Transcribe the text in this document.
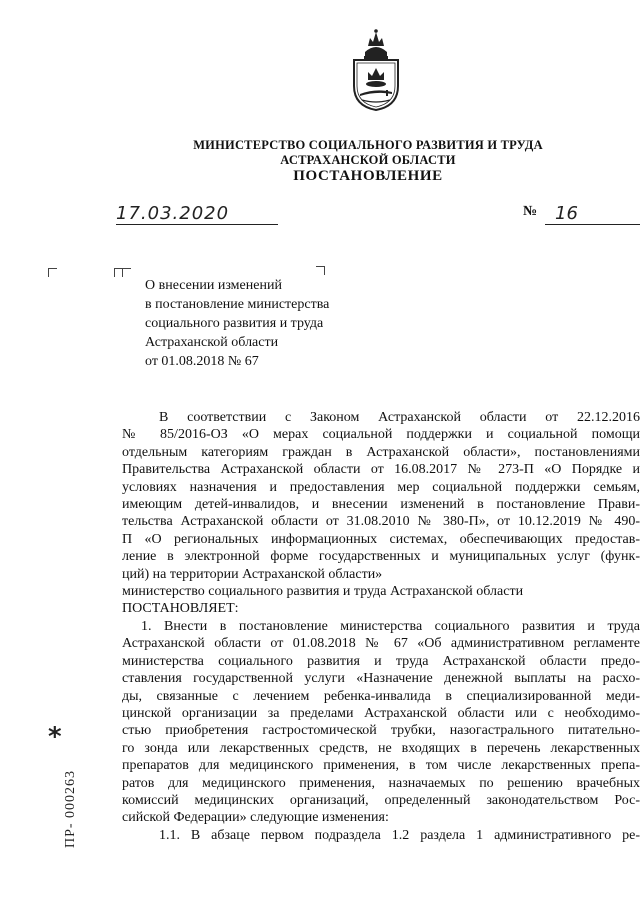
МИНИСТЕРСТВО СОЦИАЛЬНОГО РАЗВИТИЯ И ТРУДА
АСТРАХАНСКОЙ ОБЛАСТИ
ПОСТАНОВЛЕНИЕ
17.03.2020	№ 16
О внесении изменений
в постановление министерства
социального развития и труда
Астраханской области
от 01.08.2018 № 67
В соответствии с Законом Астраханской области от 22.12.2016
№ 85/2016-ОЗ «О мерах социальной поддержки и социальной помощи
отдельным категориям граждан в Астраханской области», постановлениями
Правительства Астраханской области от 16.08.2017 № 273-П «О Порядке и
условиях назначения и предоставления мер социальной поддержки семьям,
имеющим детей-инвалидов, и внесении изменений в постановление Прави-
тельства Астраханской области от 31.08.2010 № 380-П», от 10.12.2019 № 490-
П «О региональных информационных системах, обеспечивающих предостав-
ление в электронной форме государственных и муниципальных услуг (функ-
ций) на территории Астраханской области»
министерство социального развития и труда Астраханской области
ПОСТАНОВЛЯЕТ:
1. Внести в постановление министерства социального развития и труда
Астраханской области от 01.08.2018 № 67 «Об административном регламенте
министерства социального развития и труда Астраханской области предо-
ставления государственной услуги «Назначение денежной выплаты на расхо-
ды, связанные с лечением ребенка-инвалида в специализированной меди-
цинской организации за пределами Астраханской области или с необходимо-
стью приобретения гастростомической трубки, назогастрального питательно-
го зонда или лекарственных средств, не входящих в перечень лекарственных
препаратов для медицинского применения, в том числе лекарственных препа-
ратов для медицинского применения, назначаемых по решению врачебных
комиссий медицинских организаций, определенный законодательством Рос-
сийской Федерации» следующие изменения:
1.1. В абзаце первом подраздела 1.2 раздела 1 административного ре-
*
ПР- 000263
